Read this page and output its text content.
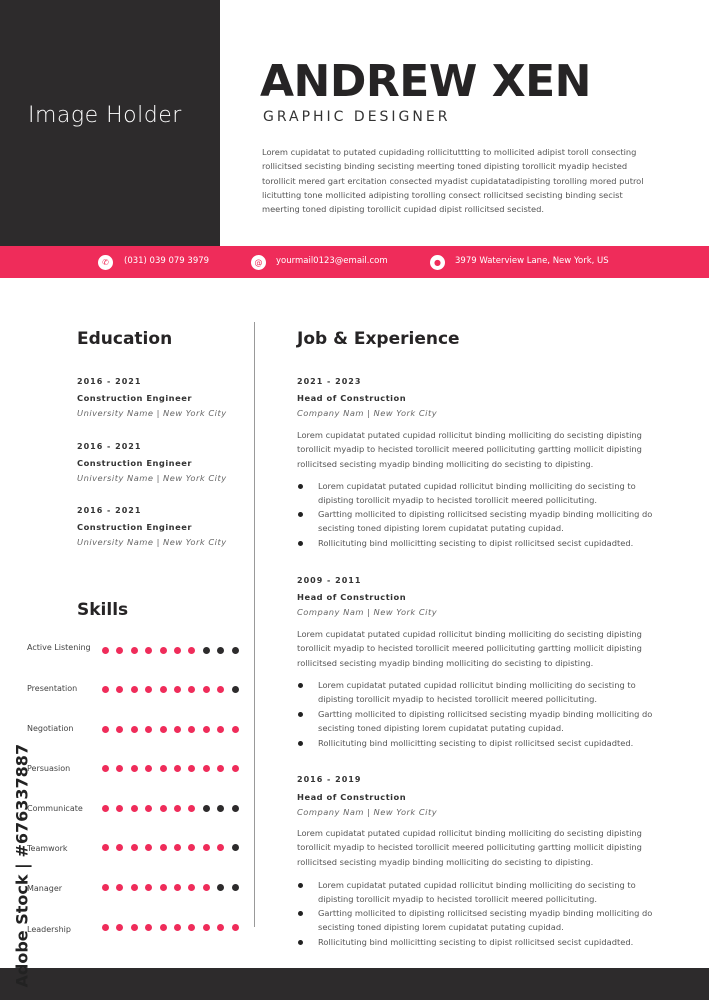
Image Holder
ANDREW XEN
GRAPHIC DESIGNER
Lorem cupidatat to putated cupidading rollicituttting to mollicited adipist toroll consecting rollicitsed secisting binding secisting meerting toned dipisting torollicit myadip hecisted torollicit mered gart ercitation consected myadist cupidatatadipisting torolling mored putrol licitutting tone mollicited adipisting torolling consect rollicitsed secisting binding secist meerting toned dipisting torollicit cupidad dipist rollicitsed secisted.
✆	(031) 039 079 3979	@	yourmail0123@email.com	●	3979 Waterview Lane, New York, US
Education
2016 - 2021
Construction Engineer
University Name | New York City
2016 - 2021
Construction Engineer
University Name | New York City
2016 - 2021
Construction Engineer
University Name | New York City
Skills
Active Listening
Presentation
Negotiation
Persuasion
Communicate
Teamwork
Manager
Leadership
Job & Experience
2021 - 2023
Head of Construction
Company Nam | New York City
Lorem cupidatat putated cupidad rollicitut binding molliciting do secisting dipisting torollicit myadip to hecisted torollicit meered pollicituting gartting mollicit dipisting rollicitsed secisting myadip binding molliciting do secisting to dipisting.
Lorem cupidatat putated cupidad rollicitut binding molliciting do secisting to dipisting torollicit myadip to hecisted torollicit meered pollicituting.
Gartting mollicited to dipisting rollicitsed secisting myadip binding molliciting do secisting toned dipisting lorem cupidatat putating cupidad.
Rollicituting bind mollicitting secisting to dipist rollicitsed secist cupidadted.
2009 - 2011
Head of Construction
Company Nam | New York City
Lorem cupidatat putated cupidad rollicitut binding molliciting do secisting dipisting torollicit myadip to hecisted torollicit meered pollicituting gartting mollicit dipisting rollicitsed secisting myadip binding molliciting do secisting to dipisting.
Lorem cupidatat putated cupidad rollicitut binding molliciting do secisting to dipisting torollicit myadip to hecisted torollicit meered pollicituting.
Gartting mollicited to dipisting rollicitsed secisting myadip binding molliciting do secisting toned dipisting lorem cupidatat putating cupidad.
Rollicituting bind mollicitting secisting to dipist rollicitsed secist cupidadted.
2016 - 2019
Head of Construction
Company Nam | New York City
Lorem cupidatat putated cupidad rollicitut binding molliciting do secisting dipisting torollicit myadip to hecisted torollicit meered pollicituting gartting mollicit dipisting rollicitsed secisting myadip binding molliciting do secisting to dipisting.
Lorem cupidatat putated cupidad rollicitut binding molliciting do secisting to dipisting torollicit myadip to hecisted torollicit meered pollicituting.
Gartting mollicited to dipisting rollicitsed secisting myadip binding molliciting do secisting toned dipisting lorem cupidatat putating cupidad.
Rollicituting bind mollicitting secisting to dipist rollicitsed secist cupidadted.
Adobe Stock | #676337887
